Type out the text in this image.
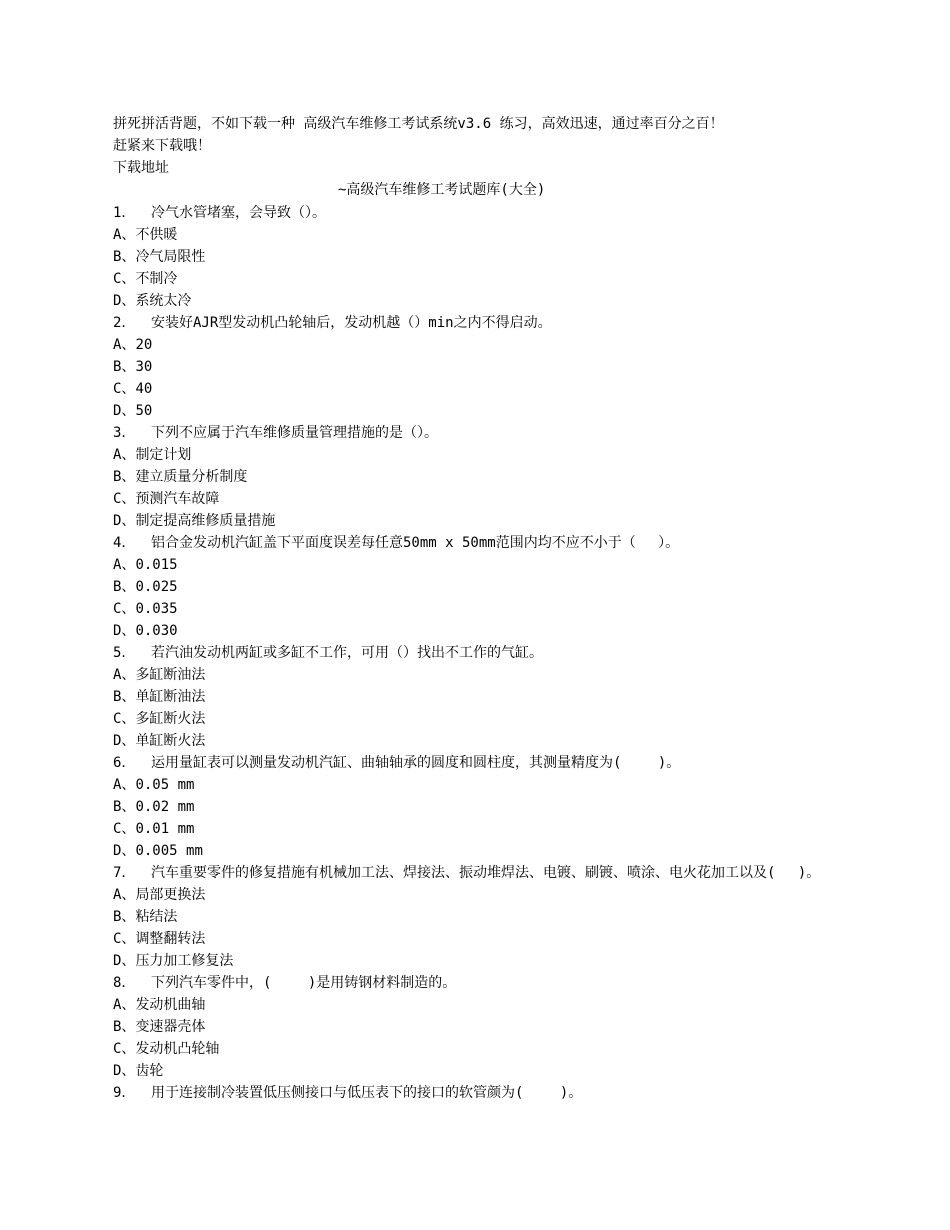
拼死拼活背题，不如下载一种 高级汽车维修工考试系统v3.6 练习，高效迅速，通过率百分之百！
赶紧来下载哦！
下载地址
~高级汽车维修工考试题库(大全)
1．	冷气水管堵塞，会导致（）。
A、不供暖
B、冷气局限性
C、不制冷
D、系统太冷
2．	安装好AJR型发动机凸轮轴后，发动机越（）min之内不得启动。
A、20
B、30
C、40
D、50
3．	下列不应属于汽车维修质量管理措施的是（）。
A、制定计划
B、建立质量分析制度
C、预测汽车故障
D、制定提高维修质量措施
4．	铝合金发动机汽缸盖下平面度误差每任意50mm x 50mm范围内均不应不小于（　 ）。
A、0.015
B、0.025
C、0.035
D、0.030
5．	若汽油发动机两缸或多缸不工作，可用（）找出不工作的气缸。
A、多缸断油法
B、单缸断油法
C、多缸断火法
D、单缸断火法
6．	运用量缸表可以测量发动机汽缸、曲轴轴承的圆度和圆柱度，其测量精度为(　　 )。
A、0.05 mm
B、0.02 mm
C、0.01 mm
D、0.005 mm
7．	汽车重要零件的修复措施有机械加工法、焊接法、振动堆焊法、电镀、刷镀、喷涂、电火花加工以及(　 )。
A、局部更换法
B、粘结法
C、调整翻转法
D、压力加工修复法
8．	下列汽车零件中，(　　 )是用铸钢材料制造的。
A、发动机曲轴
B、变速器壳体
C、发动机凸轮轴
D、齿轮
9．	用于连接制冷装置低压侧接口与低压表下的接口的软管颜为(　　 )。
